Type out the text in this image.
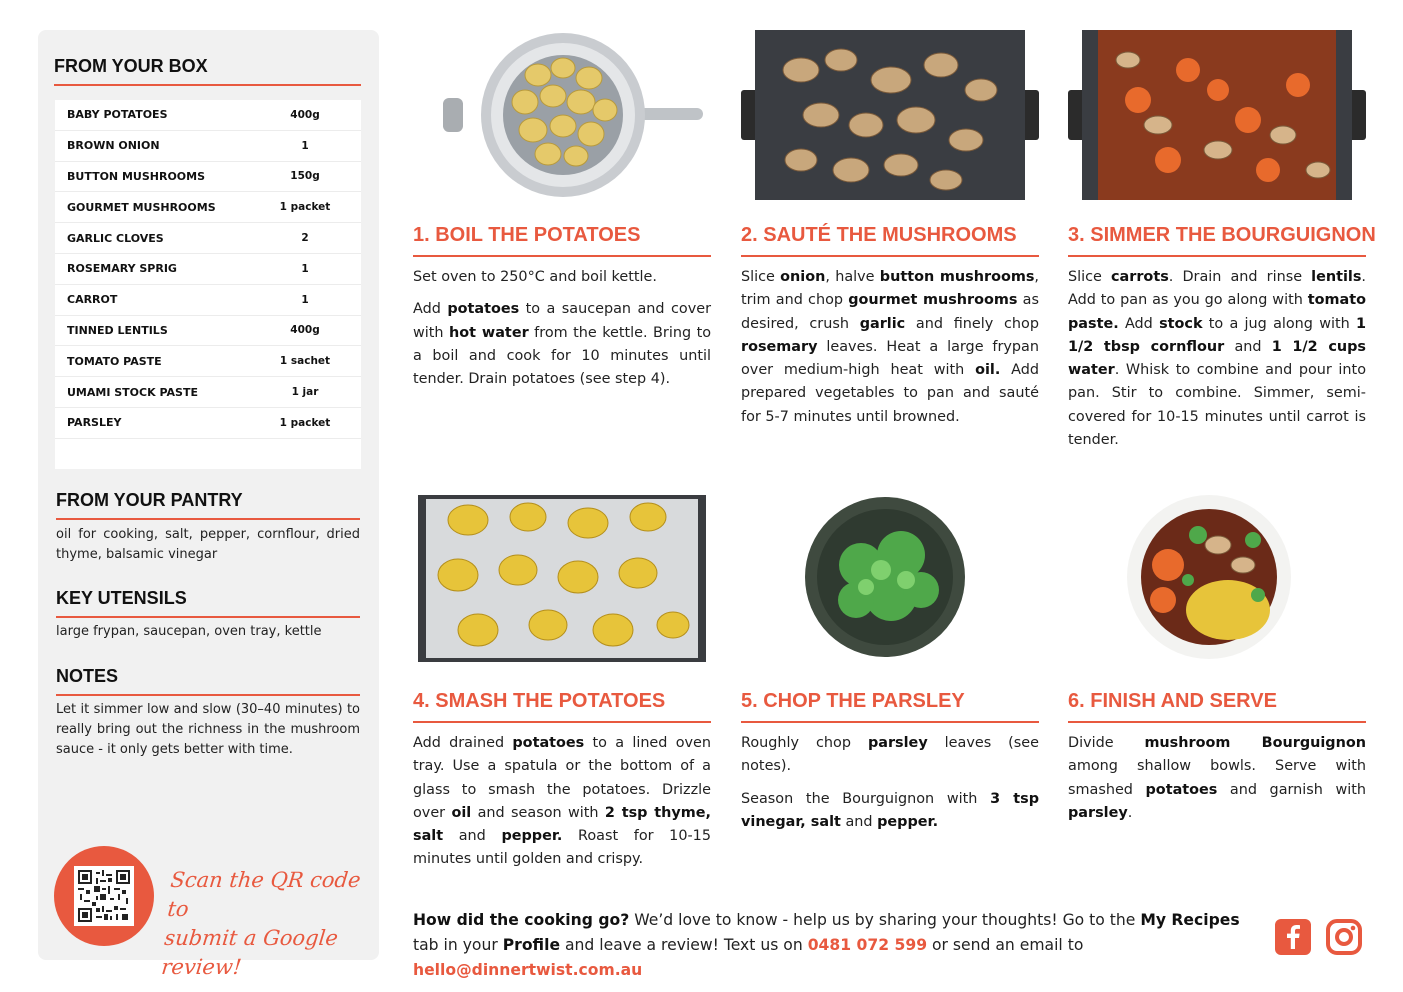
FROM YOUR BOX
BABY POTATOES	400g
BROWN ONION	1
BUTTON MUSHROOMS	150g
GOURMET MUSHROOMS	1 packet
GARLIC CLOVES	2
ROSEMARY SPRIG	1
CARROT	1
TINNED LENTILS	400g
TOMATO PASTE	1 sachet
UMAMI STOCK PASTE	1 jar
PARSLEY	1 packet
FROM YOUR PANTRY
oil for cooking, salt, pepper, cornflour, dried thyme, balsamic vinegar
KEY UTENSILS
large frypan, saucepan, oven tray, kettle
NOTES
Let it simmer low and slow (30–40 minutes) to really bring out the richness in the mushroom sauce - it only gets better with time.
Scan the QR code to
submit a Google review!
1. BOIL THE POTATOES

Set oven to 250°C and boil kettle.

Add potatoes to a saucepan and cover with hot water from the kettle. Bring to a boil and cook for 10 minutes until tender. Drain potatoes (see step 4).

2. SAUTÉ THE MUSHROOMS

Slice onion, halve button mushrooms, trim and chop gourmet mushrooms as desired, crush garlic and finely chop rosemary leaves. Heat a large frypan over medium-high heat with oil. Add prepared vegetables to pan and sauté for 5-7 minutes until browned.

3. SIMMER THE BOURGUIGNON

Slice carrots. Drain and rinse lentils. Add to pan as you go along with tomato paste. Add stock to a jug along with 1 1/2 tbsp cornflour and 1 1/2 cups water. Whisk to combine and pour into pan. Stir to combine. Simmer, semi-covered for 10-15 minutes until carrot is tender.

4. SMASH THE POTATOES

Add drained potatoes to a lined oven tray. Use a spatula or the bottom of a glass to smash the potatoes. Drizzle over oil and season with 2 tsp thyme, salt and pepper. Roast for 10-15 minutes until golden and crispy.

5. CHOP THE PARSLEY

Roughly chop parsley leaves (see notes).

Season the Bourguignon with 3 tsp vinegar, salt and pepper.

6. FINISH AND SERVE

Divide mushroom Bourguignon among shallow bowls. Serve with smashed potatoes and garnish with parsley.

How did the cooking go? We’d love to know - help us by sharing your thoughts! Go to the My Recipes tab in your Profile and leave a review! Text us on 0481 072 599 or send an email to hello@dinnertwist.com.au
